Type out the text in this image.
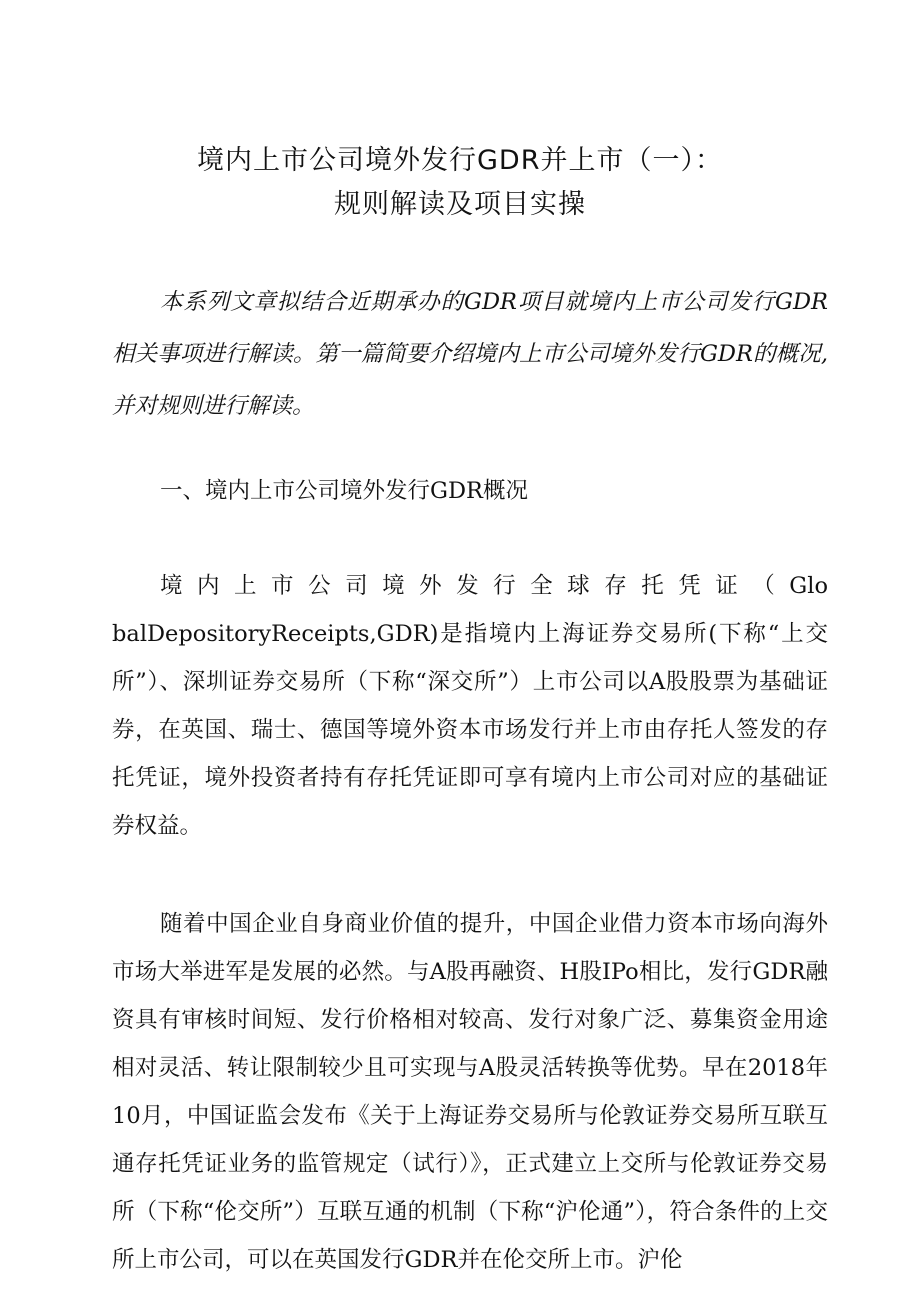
境内上市公司境外发行GDR并上市（一）：
规则解读及项目实操
本系列文章拟结合近期承办的GDR项目就境内上市公司发行GDR相关事项进行解读。第一篇简要介绍境内上市公司境外发行GDR的概况,并对规则进行解读。
一、境内上市公司境外发行GDR概况
境内上市公司境外发行全球存托凭证（GlobalDepositoryReceipts,GDR)是指境内上海证券交易所(下称“上交所”）、深圳证券交易所（下称“深交所”）上市公司以A股股票为基础证券，在英国、瑞士、德国等境外资本市场发行并上市由存托人签发的存托凭证，境外投资者持有存托凭证即可享有境内上市公司对应的基础证券权益。
随着中国企业自身商业价值的提升，中国企业借力资本市场向海外市场大举进军是发展的必然。与A股再融资、H股IPo相比，发行GDR融资具有审核时间短、发行价格相对较高、发行对象广泛、募集资金用途相对灵活、转让限制较少且可实现与A股灵活转换等优势。早在2018年10月，中国证监会发布《关于上海证券交易所与伦敦证券交易所互联互通存托凭证业务的监管规定（试行）》，正式建立上交所与伦敦证券交易所（下称“伦交所”）互联互通的机制（下称“沪伦通”），符合条件的上交所上市公司，可以在英国发行GDR并在伦交所上市。沪伦
